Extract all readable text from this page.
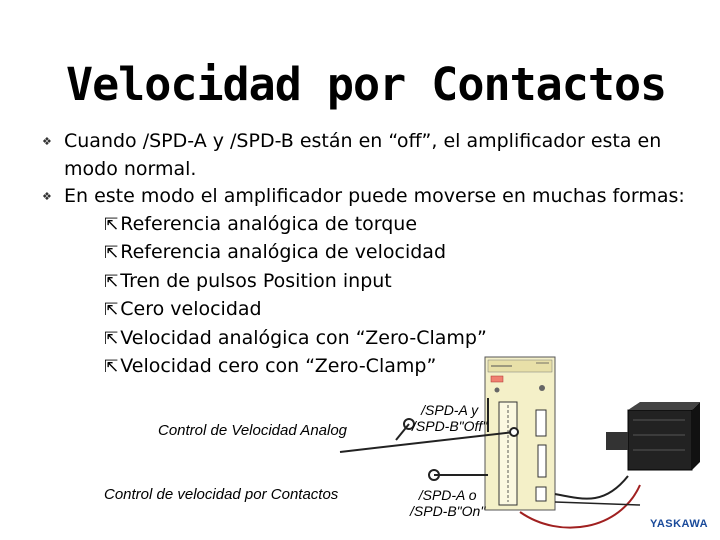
Velocidad por Contactos
❖ Cuando /SPD-A y /SPD-B están en “off”, el amplificador esta en modo normal.
❖ En este modo el amplificador puede moverse en muchas formas:
⇱ Referencia analógica de torque
⇱ Referencia analógica de velocidad
⇱ Tren de pulsos Position input
⇱ Cero velocidad
⇱ Velocidad analógica con “Zero-Clamp”
⇱ Velocidad cero con “Zero-Clamp”
Control de Velocidad Analog
Control de velocidad por Contactos
/SPD-A y
/SPD-B"Off"
/SPD-A o
/SPD-B"On"
YASKAWA
